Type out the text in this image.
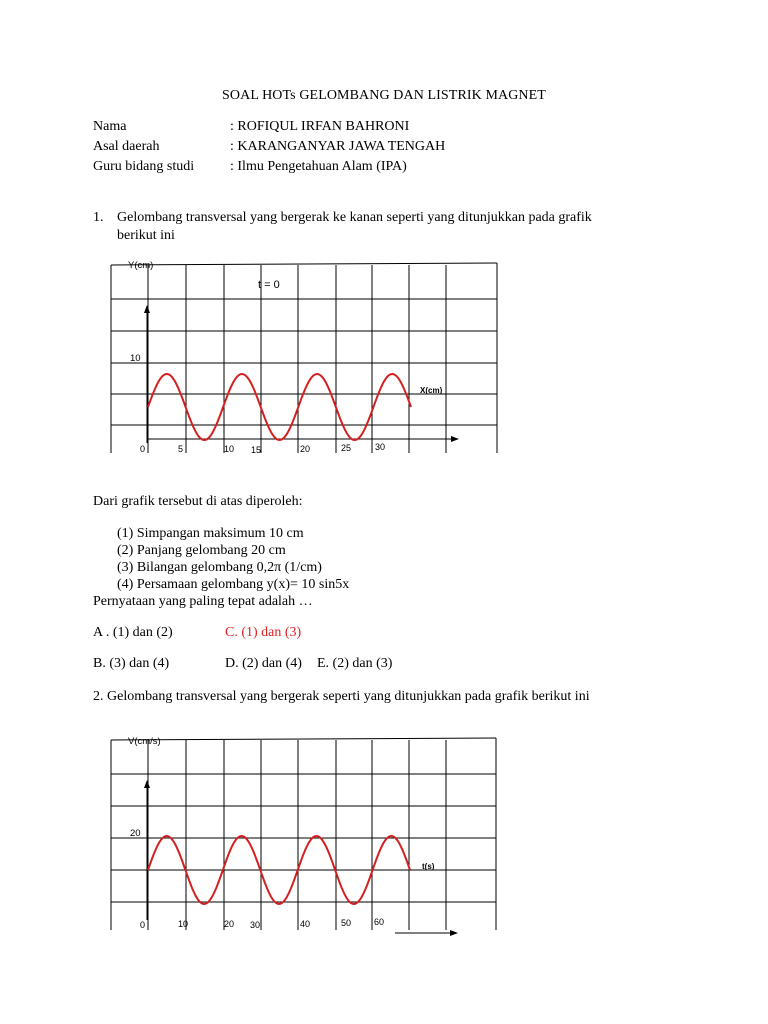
SOAL HOTs GELOMBANG DAN LISTRIK MAGNET
Nama	: ROFIQUL IRFAN BAHRONI
Asal daerah	: KARANGANYAR JAWA TENGAH
Guru bidang studi	: Ilmu Pengetahuan Alam (IPA)
1. Gelombang transversal yang bergerak ke kanan seperti yang ditunjukkan pada grafik
berikut ini
Y(cm)
t = 0
10
X(cm)
0	5	10 15	20	25	30
Dari grafik tersebut di atas diperoleh:
(1) Simpangan maksimum 10 cm
(2) Panjang gelombang 20 cm
(3) Bilangan gelombang 0,2π (1/cm)
(4) Persamaan gelombang y(x)= 10 sin5x
Pernyataan yang paling tepat adalah …
A . (1) dan (2)	C. (1) dan (3)
B. (3) dan (4)	D. (2) dan (4) E. (2) dan (3)
2. Gelombang transversal yang bergerak seperti yang ditunjukkan pada grafik berikut ini
V(cm/s)
20
t(s)
0	10	20 30	40	50	60
